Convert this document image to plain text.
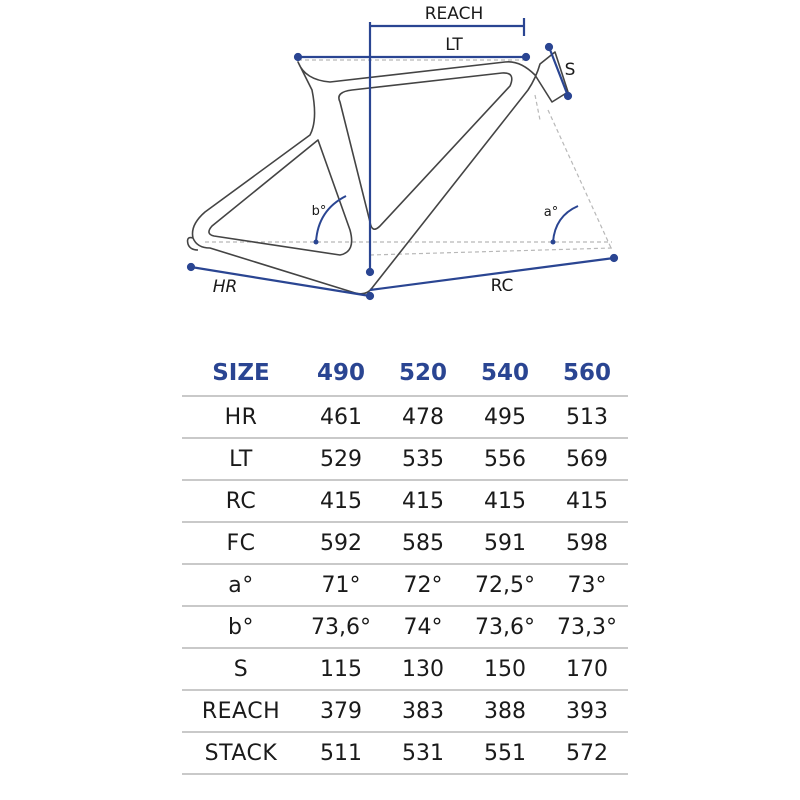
REACH
LT
S
HR	RC
b°	a°
SIZE	490	520	540	560
HR	461	478	495	513
LT	529	535	556	569
RC	415	415	415	415
FC	592	585	591	598
a°	71°	72°	72,5°	73°
b°	73,6°	74°	73,6°	73,3°
S	115	130	150	170
REACH	379	383	388	393
STACK	511	531	551	572
